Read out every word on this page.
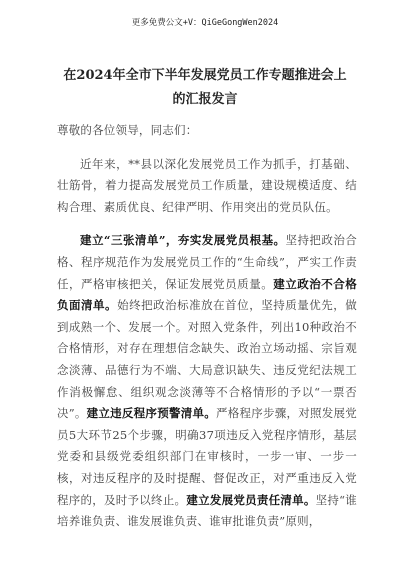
更多免费公文+V：QiGeGongWen2024
在2024年全市下半年发展党员工作专题推进会上的汇报发言

尊敬的各位领导，同志们：

近年来，**县以深化发展党员工作为抓手，打基础、壮筋骨，着力提高发展党员工作质量，建设规模适度、结构合理、素质优良、纪律严明、作用突出的党员队伍。

建立“三张清单”，夯实发展党员根基。坚持把政治合格、程序规范作为发展党员工作的“生命线”，严实工作责任，严格审核把关，保证发展党员质量。建立政治不合格负面清单。始终把政治标准放在首位，坚持质量优先，做到成熟一个、发展一个。对照入党条件，列出10种政治不合格情形，对存在理想信念缺失、政治立场动摇、宗旨观念淡薄、品德行为不端、大局意识缺失、违反党纪法规工作消极懈怠、组织观念淡薄等不合格情形的予以“一票否决”。建立违反程序预警清单。严格程序步骤，对照发展党员5大环节25个步骤，明确37项违反入党程序情形，基层党委和县级党委组织部门在审核时，一步一审、一步一核，对违反程序的及时提醒、督促改正，对严重违反入党程序的，及时予以终止。建立发展党员责任清单。坚持“谁培养谁负责、谁发展谁负责、谁审批谁负责”原则，
